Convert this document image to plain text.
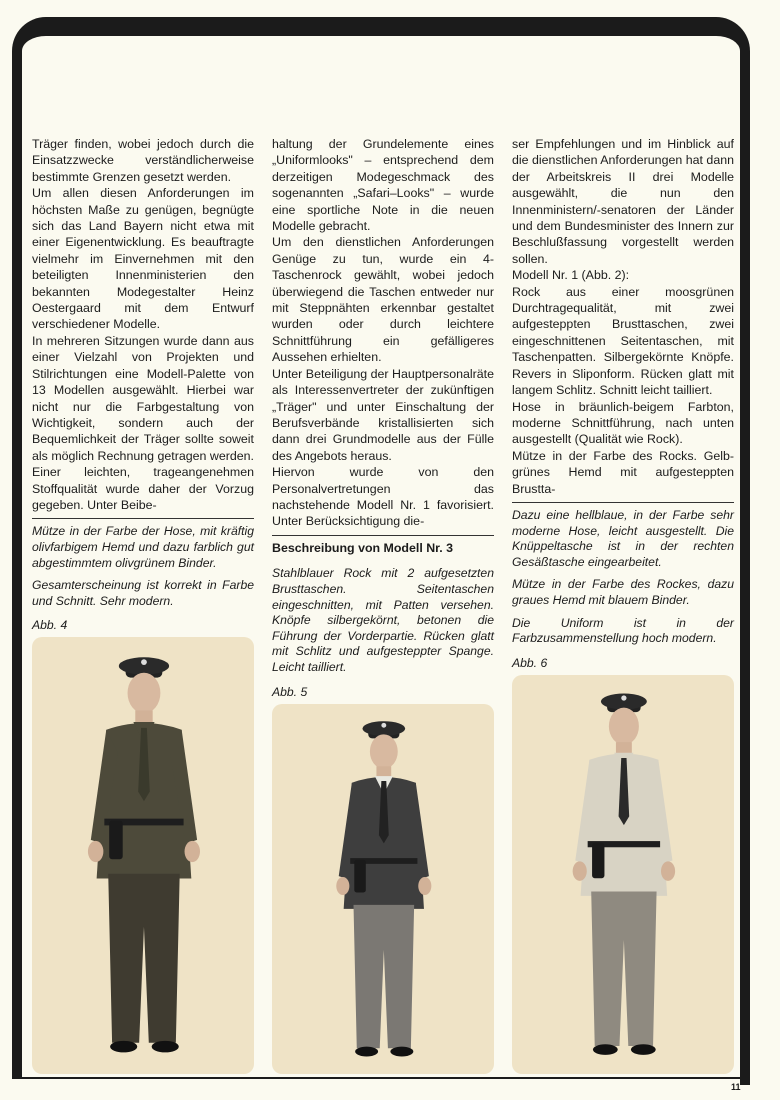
Träger finden, wobei jedoch durch die Einsatzzwecke verständlicherweise bestimmte Grenzen gesetzt werden.

Um allen diesen Anforderungen im höchsten Maße zu genügen, begnügte sich das Land Bayern nicht etwa mit einer Eigenentwicklung. Es beauftragte vielmehr im Einvernehmen mit den beteiligten Innenministerien den bekannten Modegestalter Heinz Oestergaard mit dem Entwurf verschiedener Modelle.

In mehreren Sitzungen wurde dann aus einer Vielzahl von Projekten und Stilrichtungen eine Modell-Palette von 13 Modellen ausgewählt. Hierbei war nicht nur die Farbgestaltung von Wichtigkeit, sondern auch der Bequemlichkeit der Träger sollte soweit als möglich Rechnung getragen werden. Einer leichten, trageangenehmen Stoffqualität wurde daher der Vorzug gegeben. Unter Beibe-

Mütze in der Farbe der Hose, mit kräftig olivfarbigem Hemd und dazu farblich gut abgestimmtem olivgrünem Binder.

Gesamterscheinung ist korrekt in Farbe und Schnitt. Sehr modern.

Abb. 4

haltung der Grundelemente eines „Uniformlooks" – entsprechend dem derzeitigen Modegeschmack des sogenannten „Safari–Looks" – wurde eine sportliche Note in die neuen Modelle gebracht.

Um den dienstlichen Anforderungen Genüge zu tun, wurde ein 4-Taschenrock gewählt, wobei jedoch überwiegend die Taschen entweder nur mit Steppnähten erkennbar gestaltet wurden oder durch leichtere Schnittführung ein gefälligeres Aussehen erhielten.

Unter Beteiligung der Hauptpersonalräte als Interessenvertreter der zukünftigen „Träger" und unter Einschaltung der Berufsverbände kristallisierten sich dann drei Grundmodelle aus der Fülle des Angebots heraus.

Hiervon wurde von den Personalvertretungen das nachstehende Modell Nr. 1 favorisiert. Unter Berücksichtigung die-

Beschreibung von Modell Nr. 3

Stahlblauer Rock mit 2 aufgesetzten Brusttaschen. Seitentaschen eingeschnitten, mit Patten versehen. Knöpfe silbergekörnt, betonen die Führung der Vorderpartie. Rücken glatt mit Schlitz und aufgesteppter Spange. Leicht tailliert.

Abb. 5

ser Empfehlungen und im Hinblick auf die dienstlichen Anforderungen hat dann der Arbeitskreis II drei Modelle ausgewählt, die nun den Innenministern/-senatoren der Länder und dem Bundesminister des Innern zur Beschlußfassung vorgestellt werden sollen.

Modell Nr. 1 (Abb. 2):

Rock aus einer moosgrünen Durchtragequalität, mit zwei aufgesteppten Brusttaschen, zwei eingeschnittenen Seitentaschen, mit Taschenpatten. Silbergekörnte Knöpfe. Revers in Sliponform. Rücken glatt mit langem Schlitz. Schnitt leicht tailliert.

Hose in bräunlich-beigem Farbton, moderne Schnittführung, nach unten ausgestellt (Qualität wie Rock).

Mütze in der Farbe des Rocks. Gelb-grünes Hemd mit aufgesteppten Brustta-

Dazu eine hellblaue, in der Farbe sehr moderne Hose, leicht ausgestellt. Die Knüppeltasche ist in der rechten Gesäßtasche eingearbeitet.

Mütze in der Farbe des Rockes, dazu graues Hemd mit blauem Binder.

Die Uniform ist in der Farbzusammenstellung hoch modern.

Abb. 6
11
